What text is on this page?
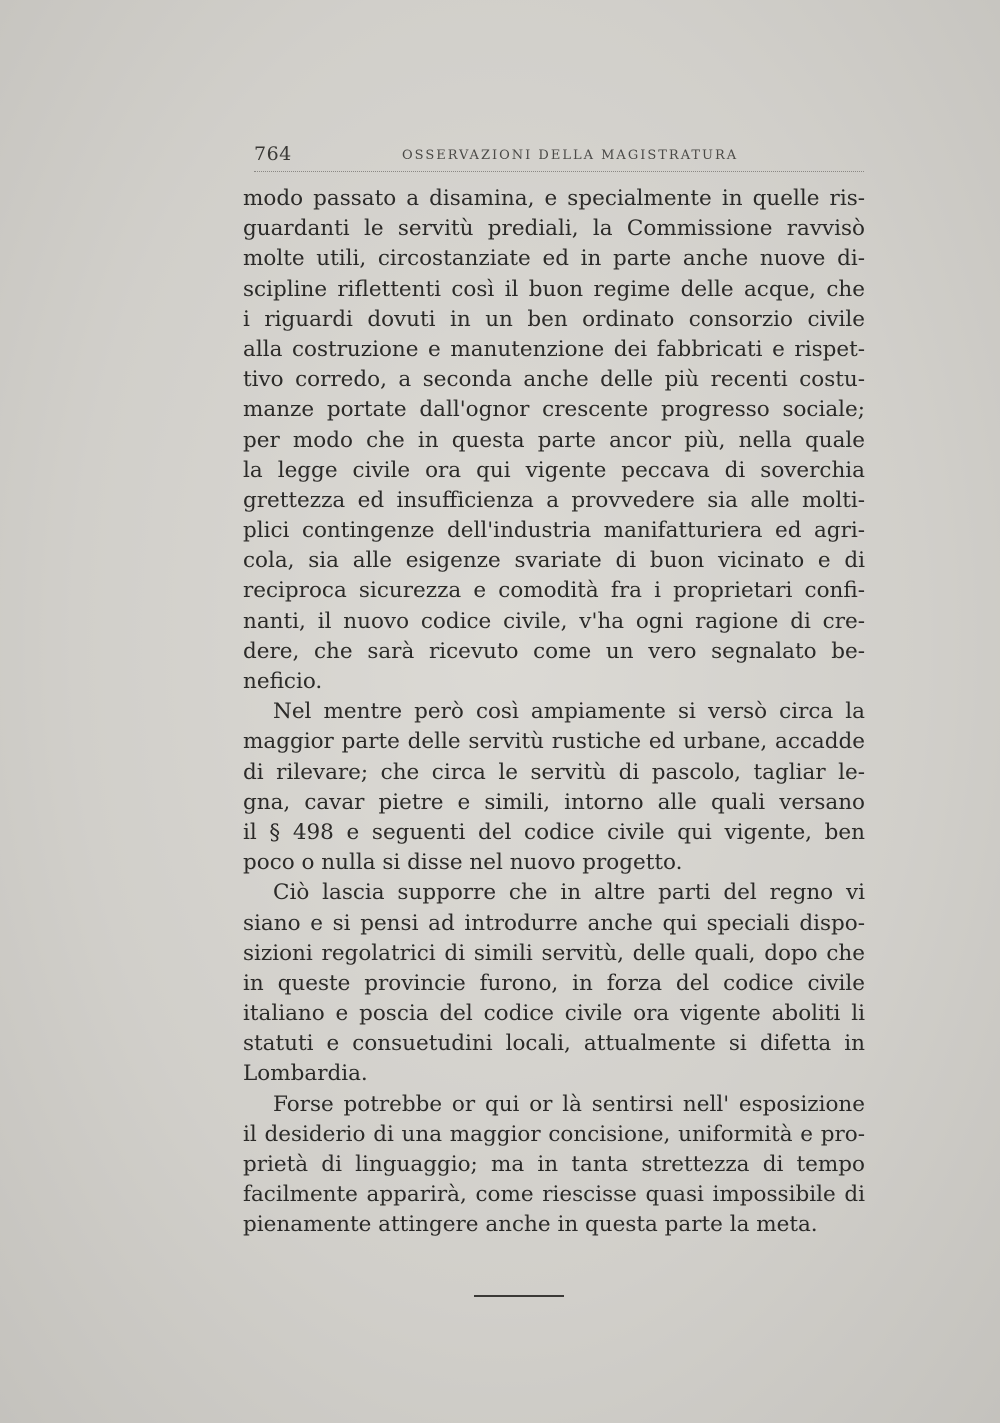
764	OSSERVAZIONI DELLA MAGISTRATURA
modo passato a disamina, e specialmente in quelle ris-
guardanti le servitù prediali, la Commissione ravvisò
molte utili, circostanziate ed in parte anche nuove di-
scipline riflettenti così il buon regime delle acque, che
i riguardi dovuti in un ben ordinato consorzio civile
alla costruzione e manutenzione dei fabbricati e rispet-
tivo corredo, a seconda anche delle più recenti costu-
manze portate dall'ognor crescente progresso sociale;
per modo che in questa parte ancor più, nella quale
la legge civile ora qui vigente peccava di soverchia
grettezza ed insufficienza a provvedere sia alle molti-
plici contingenze dell'industria manifatturiera ed agri-
cola, sia alle esigenze svariate di buon vicinato e di
reciproca sicurezza e comodità fra i proprietari confi-
nanti, il nuovo codice civile, v'ha ogni ragione di cre-
dere, che sarà ricevuto come un vero segnalato be-
neficio.
Nel mentre però così ampiamente si versò circa la
maggior parte delle servitù rustiche ed urbane, accadde
di rilevare; che circa le servitù di pascolo, tagliar le-
gna, cavar pietre e simili, intorno alle quali versano
il § 498 e seguenti del codice civile qui vigente, ben
poco o nulla si disse nel nuovo progetto.
Ciò lascia supporre che in altre parti del regno vi
siano e si pensi ad introdurre anche qui speciali dispo-
sizioni regolatrici di simili servitù, delle quali, dopo che
in queste provincie furono, in forza del codice civile
italiano e poscia del codice civile ora vigente aboliti li
statuti e consuetudini locali, attualmente si difetta in
Lombardia.
Forse potrebbe or qui or là sentirsi nell' esposizione
il desiderio di una maggior concisione, uniformità e pro-
prietà di linguaggio; ma in tanta strettezza di tempo
facilmente apparirà, come riescisse quasi impossibile di
pienamente attingere anche in questa parte la meta.
